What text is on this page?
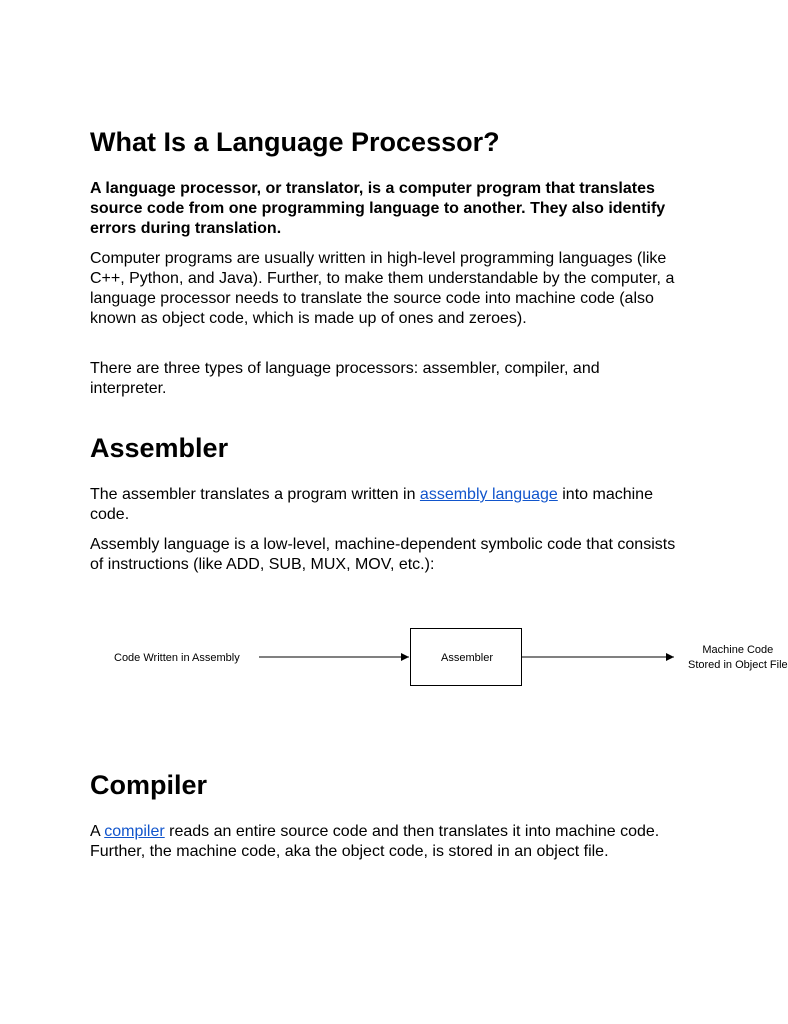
What Is a Language Processor?

A language processor, or translator, is a computer program that translates source code from one programming language to another. They also identify errors during translation.

Computer programs are usually written in high-level programming languages (like C++, Python, and Java). Further, to make them understandable by the computer, a language processor needs to translate the source code into machine code (also known as object code, which is made up of ones and zeroes).

There are three types of language processors: assembler, compiler, and interpreter.

Assembler

The assembler translates a program written in assembly language into machine code.

Assembly language is a low-level, machine-dependent symbolic code that consists of instructions (like ADD, SUB, MUX, MOV, etc.):

Code Written in Assembly	Assembler
Machine Code
Stored in Object File
Compiler

A compiler reads an entire source code and then translates it into machine code. Further, the machine code, aka the object code, is stored in an object file.
